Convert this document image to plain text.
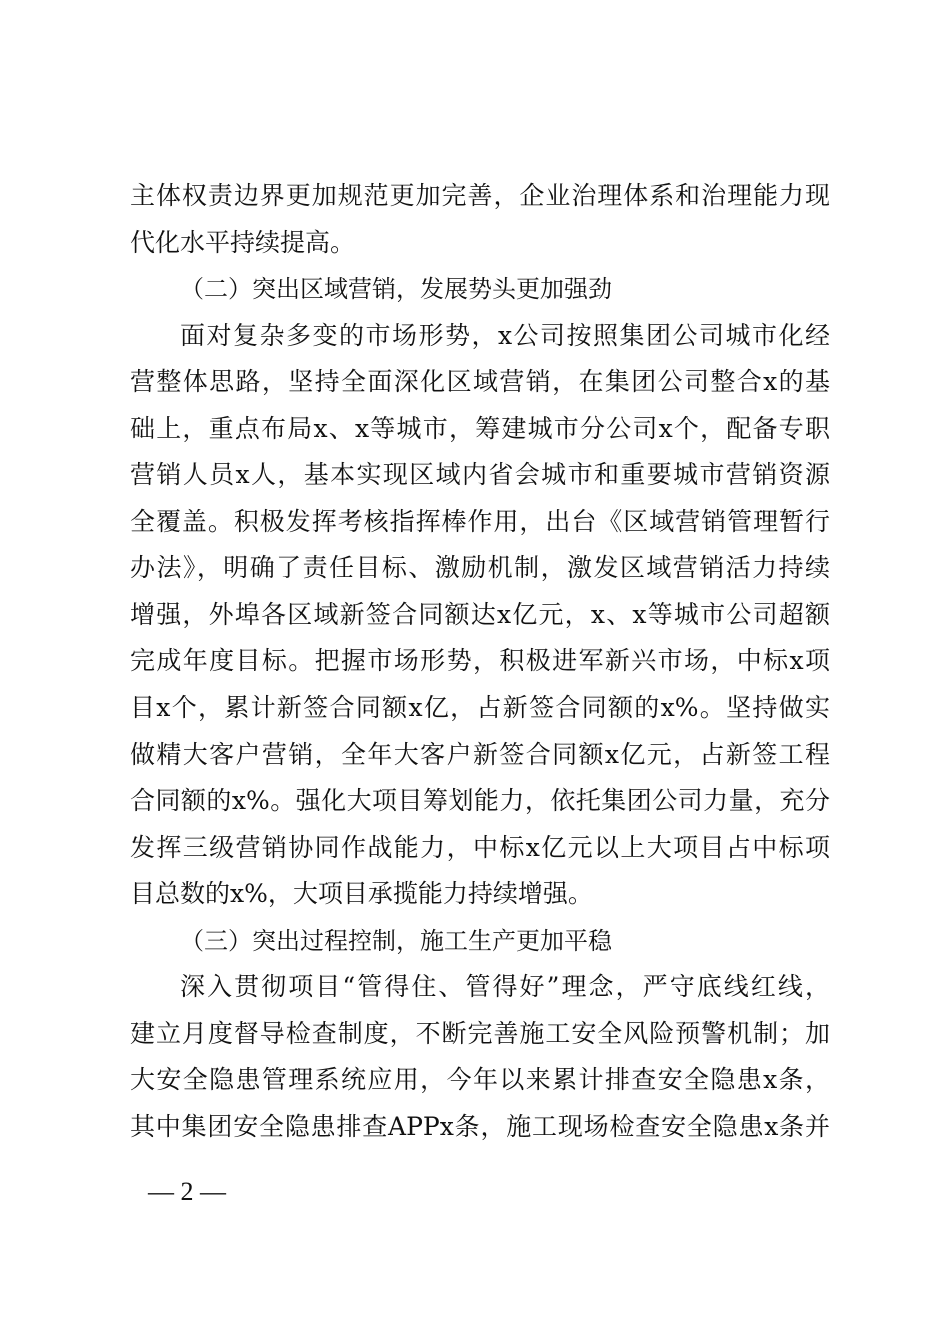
主体权责边界更加规范更加完善，企业治理体系和治理能力现
代化水平持续提高。
（二）突出区域营销，发展势头更加强劲
面对复杂多变的市场形势，x公司按照集团公司城市化经
营整体思路，坚持全面深化区域营销，在集团公司整合x的基
础上，重点布局x、x等城市，筹建城市分公司x个，配备专职
营销人员x人，基本实现区域内省会城市和重要城市营销资源
全覆盖。积极发挥考核指挥棒作用，出台《区域营销管理暂行
办法》，明确了责任目标、激励机制，激发区域营销活力持续
增强，外埠各区域新签合同额达x亿元，x、x等城市公司超额
完成年度目标。把握市场形势，积极进军新兴市场，中标x项
目x个，累计新签合同额x亿，占新签合同额的x%。坚持做实
做精大客户营销，全年大客户新签合同额x亿元，占新签工程
合同额的x%。强化大项目筹划能力，依托集团公司力量，充分
发挥三级营销协同作战能力，中标x亿元以上大项目占中标项
目总数的x%，大项目承揽能力持续增强。
（三）突出过程控制，施工生产更加平稳
深入贯彻项目“管得住、管得好”理念，严守底线红线，
建立月度督导检查制度，不断完善施工安全风险预警机制；加
大安全隐患管理系统应用，今年以来累计排查安全隐患x条，
其中集团安全隐患排查APPx条，施工现场检查安全隐患x条并
— 2 —
